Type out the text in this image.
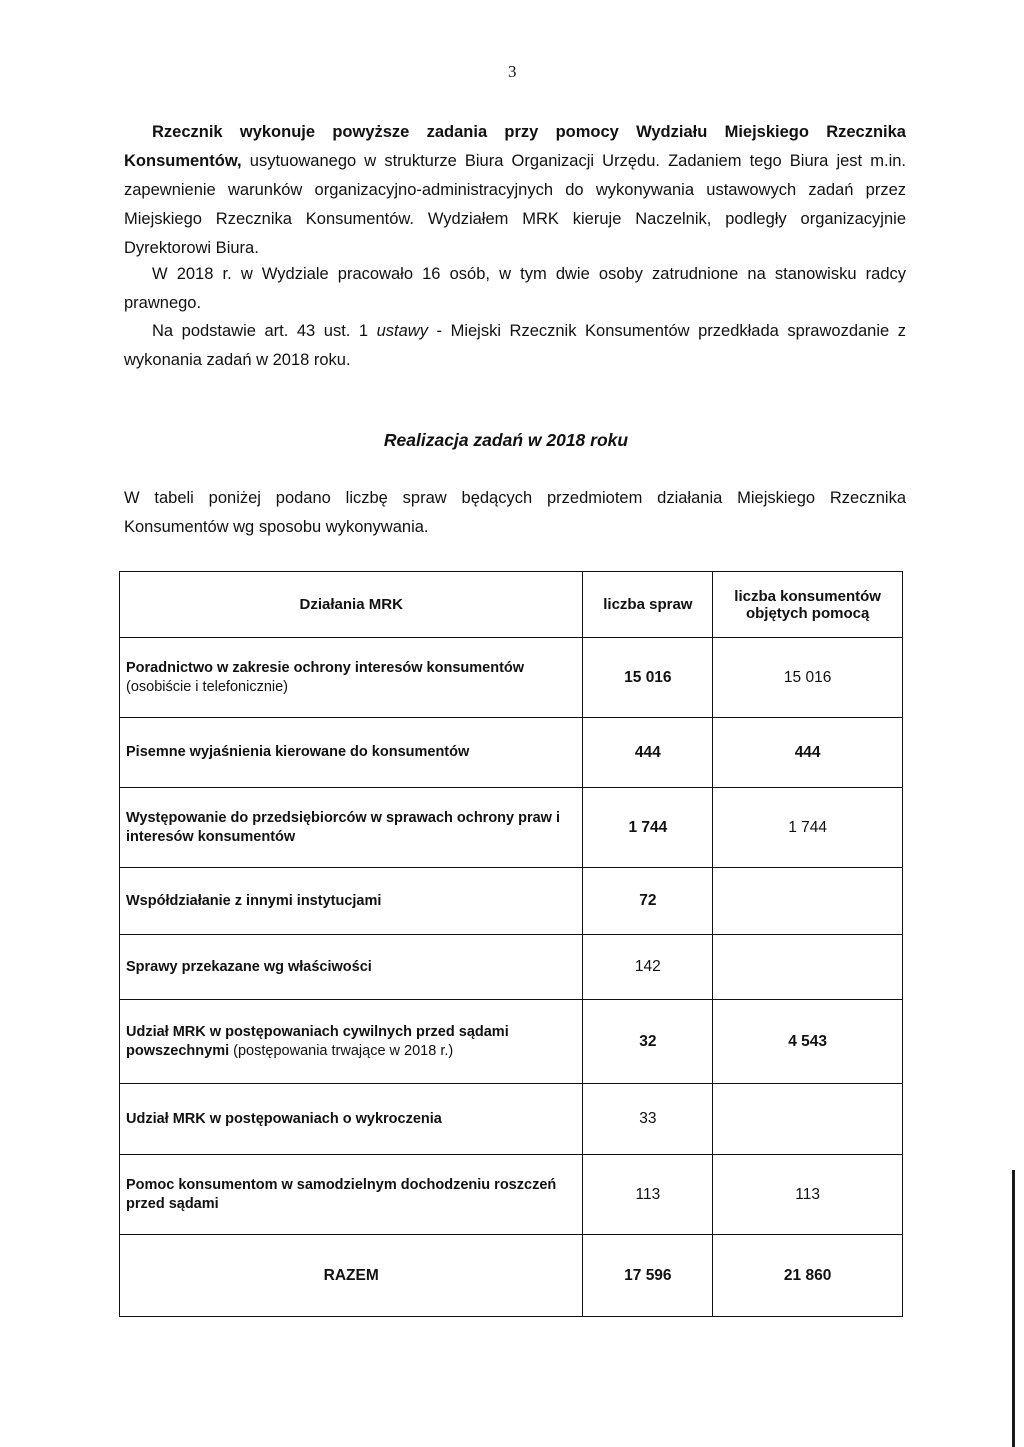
3

Rzecznik wykonuje powyższe zadania przy pomocy Wydziału Miejskiego Rzecznika Konsumentów, usytuowanego w strukturze Biura Organizacji Urzędu. Zadaniem tego Biura jest m.in. zapewnienie warunków organizacyjno-administracyjnych do wykonywania ustawowych zadań przez Miejskiego Rzecznika Konsumentów. Wydziałem MRK kieruje Naczelnik, podległy organizacyjnie Dyrektorowi Biura.

W 2018 r. w Wydziale pracowało 16 osób, w tym dwie osoby zatrudnione na stanowisku radcy prawnego.

Na podstawie art. 43 ust. 1 ustawy - Miejski Rzecznik Konsumentów przedkłada sprawozdanie z wykonania zadań w 2018 roku.

Realizacja zadań w 2018 roku

W tabeli poniżej podano liczbę spraw będących przedmiotem działania Miejskiego Rzecznika Konsumentów wg sposobu wykonywania.

Działania MRK	liczba spraw	liczba konsumentów objętych pomocą
Poradnictwo w zakresie ochrony interesów konsumentów (osobiście i telefonicznie)	15 016	15 016
Pisemne wyjaśnienia kierowane do konsumentów	444	444
Występowanie do przedsiębiorców w sprawach ochrony praw i interesów konsumentów	1 744	1 744
Współdziałanie z innymi instytucjami	72	
Sprawy przekazane wg właściwości	142	
Udział MRK w postępowaniach cywilnych przed sądami powszechnymi (postępowania trwające w 2018 r.)	32	4 543
Udział MRK w postępowaniach o wykroczenia	33	
Pomoc konsumentom w samodzielnym dochodzeniu roszczeń przed sądami	113	113
RAZEM	17 596	21 860
